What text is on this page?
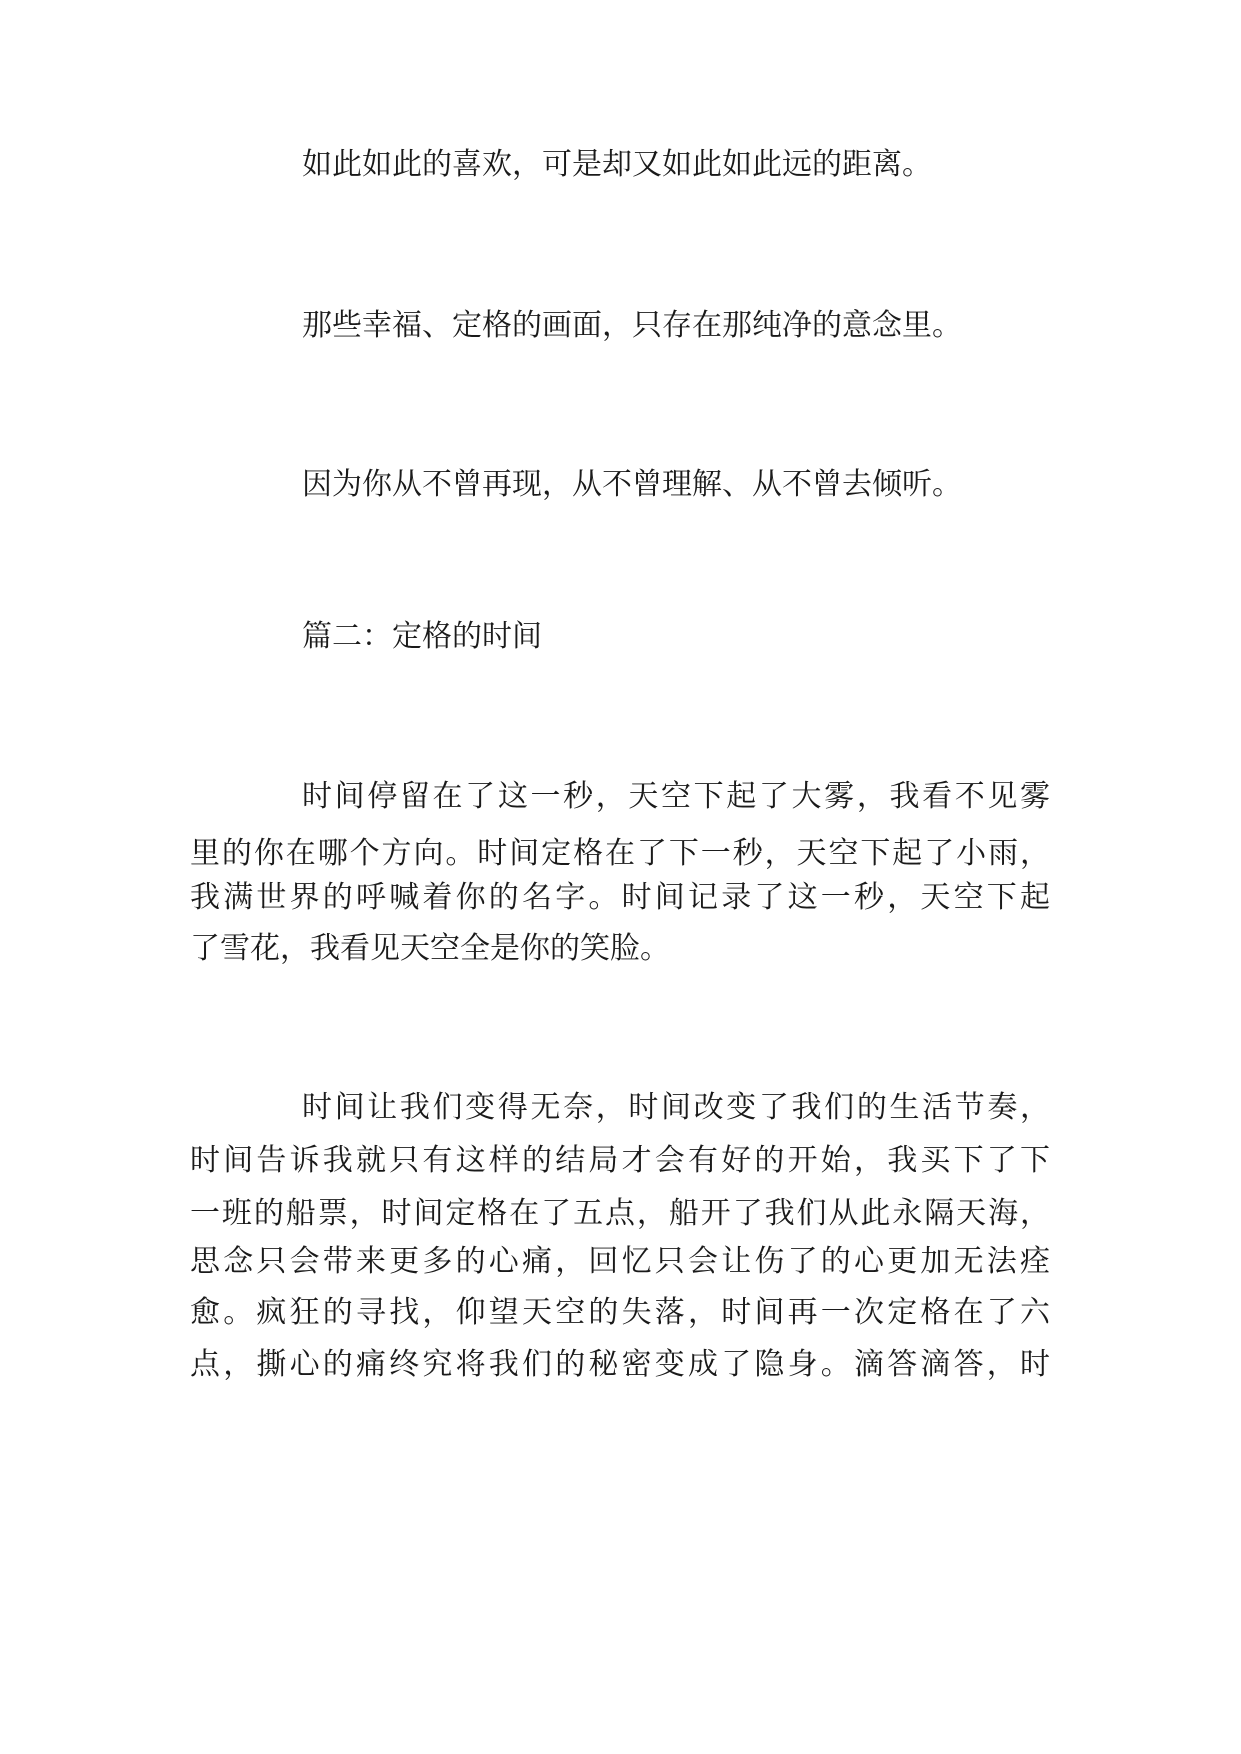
如此如此的喜欢，可是却又如此如此远的距离。
那些幸福、定格的画面，只存在那纯净的意念里。
因为你从不曾再现，从不曾理解、从不曾去倾听。
篇二：定格的时间
时间停留在了这一秒，天空下起了大雾，我看不见雾
里的你在哪个方向。时间定格在了下一秒，天空下起了小雨，
我满世界的呼喊着你的名字。时间记录了这一秒，天空下起
了雪花，我看见天空全是你的笑脸。
时间让我们变得无奈，时间改变了我们的生活节奏，
时间告诉我就只有这样的结局才会有好的开始，我买下了下
一班的船票，时间定格在了五点，船开了我们从此永隔天海，
思念只会带来更多的心痛，回忆只会让伤了的心更加无法痊
愈。疯狂的寻找，仰望天空的失落，时间再一次定格在了六
点，撕心的痛终究将我们的秘密变成了隐身。滴答滴答，时
